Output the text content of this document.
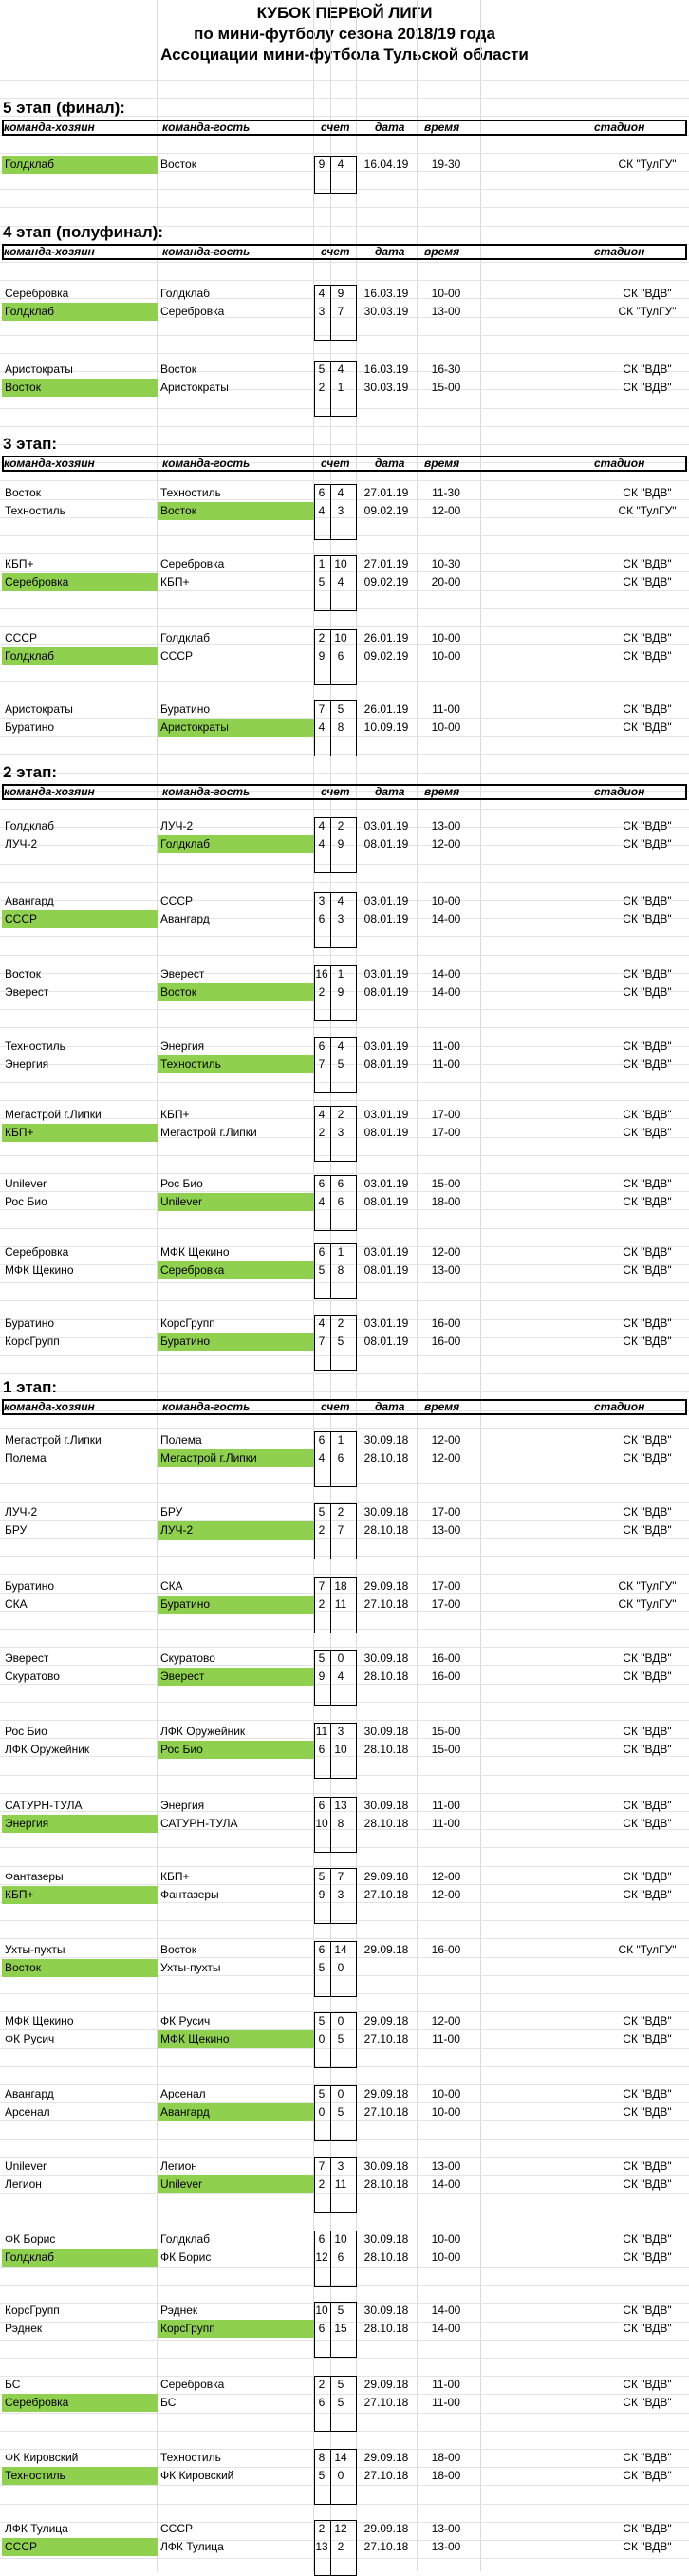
КУБОК ПЕРВОЙ ЛИГИ
по мини-футболу сезона 2018/19 года
Ассоциации мини-футбола Тульской области
5 этап (финал):
команда-хозяин	команда-гость	счет дата время	стадион
Голдклаб	Восток	9	4	16.04.19	19-30	СК "ТулГУ"
4 этап (полуфинал):
команда-хозяин	команда-гость	счет дата время	стадион
Серебровка	Голдклаб	4	9	16.03.19	10-00	СК "ВДВ"
Голдклаб	Серебровка	3	7	30.03.19	13-00	СК "ТулГУ"
Аристократы	Восток	5	4	16.03.19	16-30	СК "ВДВ"
Восток	Аристократы	2	1	30.03.19	15-00	СК "ВДВ"
3 этап:
команда-хозяин	команда-гость	счет дата время	стадион
Восток	Техностиль	6	4	27.01.19	11-30	СК "ВДВ"
Техностиль	Восток	4	3	09.02.19	12-00	СК "ТулГУ"
КБП+	Серебровка	1 10	27.01.19	10-30	СК "ВДВ"
Серебровка	КБП+	5	4	09.02.19	20-00	СК "ВДВ"
СССР	Голдклаб	2 10	26.01.19	10-00	СК "ВДВ"
Голдклаб	СССР	9	6	09.02.19	10-00	СК "ВДВ"
Аристократы	Буратино	7	5	26.01.19	11-00	СК "ВДВ"
Буратино	Аристократы	4	8	10.09.19	10-00	СК "ВДВ"
2 этап:
команда-хозяин	команда-гость	счет дата время	стадион
Голдклаб	ЛУЧ-2	4	2	03.01.19	13-00	СК "ВДВ"
ЛУЧ-2	Голдклаб	4	9	08.01.19	12-00	СК "ВДВ"
Авангард	СССР	3	4	03.01.19	10-00	СК "ВДВ"
СССР	Авангард	6	3	08.01.19	14-00	СК "ВДВ"
Восток	Эверест	16 1	03.01.19	14-00	СК "ВДВ"
Эверест	Восток	2	9	08.01.19	14-00	СК "ВДВ"
Техностиль	Энергия	6	4	03.01.19	11-00	СК "ВДВ"
Энергия	Техностиль	7	5	08.01.19	11-00	СК "ВДВ"
Мегастрой г.Липки	КБП+	4	2	03.01.19	17-00	СК "ВДВ"
КБП+	Мегастрой г.Липки	2	3	08.01.19	17-00	СК "ВДВ"
Unilever	Рос Био	6	6	03.01.19	15-00	СК "ВДВ"
Рос Био	Unilever	4	6	08.01.19	18-00	СК "ВДВ"
Серебровка	МФК Щекино	6	1	03.01.19	12-00	СК "ВДВ"
МФК Щекино	Серебровка	5	8	08.01.19	13-00	СК "ВДВ"
Буратино	КорсГрупп	4	2	03.01.19	16-00	СК "ВДВ"
КорсГрупп	Буратино	7	5	08.01.19	16-00	СК "ВДВ"
1 этап:
команда-хозяин	команда-гость	счет дата время	стадион
Мегастрой г.Липки	Полема	6	1	30.09.18	12-00	СК "ВДВ"
Полема	Мегастрой г.Липки	4	6	28.10.18	12-00	СК "ВДВ"
ЛУЧ-2	БРУ	5	2	30.09.18	17-00	СК "ВДВ"
БРУ	ЛУЧ-2	2	7	28.10.18	13-00	СК "ВДВ"
Буратино	СКА	7 18	29.09.18	17-00	СК "ТулГУ"
СКА	Буратино	2 11	27.10.18	17-00	СК "ТулГУ"
Эверест	Скуратово	5	0	30.09.18	16-00	СК "ВДВ"
Скуратово	Эверест	9	4	28.10.18	16-00	СК "ВДВ"
Рос Био	ЛФК Оружейник	11 3	30.09.18	15-00	СК "ВДВ"
ЛФК Оружейник	Рос Био	6 10	28.10.18	15-00	СК "ВДВ"
САТУРН-ТУЛА	Энергия	6 13	30.09.18	11-00	СК "ВДВ"
Энергия	САТУРН-ТУЛА	10 8	28.10.18	11-00	СК "ВДВ"
Фантазеры	КБП+	5	7	29.09.18	12-00	СК "ВДВ"
КБП+	Фантазеры	9	3	27.10.18	12-00	СК "ВДВ"
Ухты-пухты	Восток	6 14	29.09.18	16-00	СК "ТулГУ"
Восток	Ухты-пухты	5	0
МФК Щекино	ФК Русич	5	0	29.09.18	12-00	СК "ВДВ"
ФК Русич	МФК Щекино	0	5	27.10.18	11-00	СК "ВДВ"
Авангард	Арсенал	5	0	29.09.18	10-00	СК "ВДВ"
Арсенал	Авангард	0	5	27.10.18	10-00	СК "ВДВ"
Unilever	Легион	7	3	30.09.18	13-00	СК "ВДВ"
Легион	Unilever	2 11	28.10.18	14-00	СК "ВДВ"
ФК Борис	Голдклаб	6 10	30.09.18	10-00	СК "ВДВ"
Голдклаб	ФК Борис	12 6	28.10.18	10-00	СК "ВДВ"
КорсГрупп	Рэднек	10 5	30.09.18	14-00	СК "ВДВ"
Рэднек	КорсГрупп	6 15	28.10.18	14-00	СК "ВДВ"
БС	Серебровка	2	5	29.09.18	11-00	СК "ВДВ"
Серебровка	БС	6	5	27.10.18	11-00	СК "ВДВ"
ФК Кировский	Техностиль	8 14	29.09.18	18-00	СК "ВДВ"
Техностиль	ФК Кировский	5	0	27.10.18	18-00	СК "ВДВ"
ЛФК Тулица	СССР	2 12	29.09.18	13-00	СК "ВДВ"
СССР	ЛФК Тулица	13 2	27.10.18	13-00	СК "ВДВ"
